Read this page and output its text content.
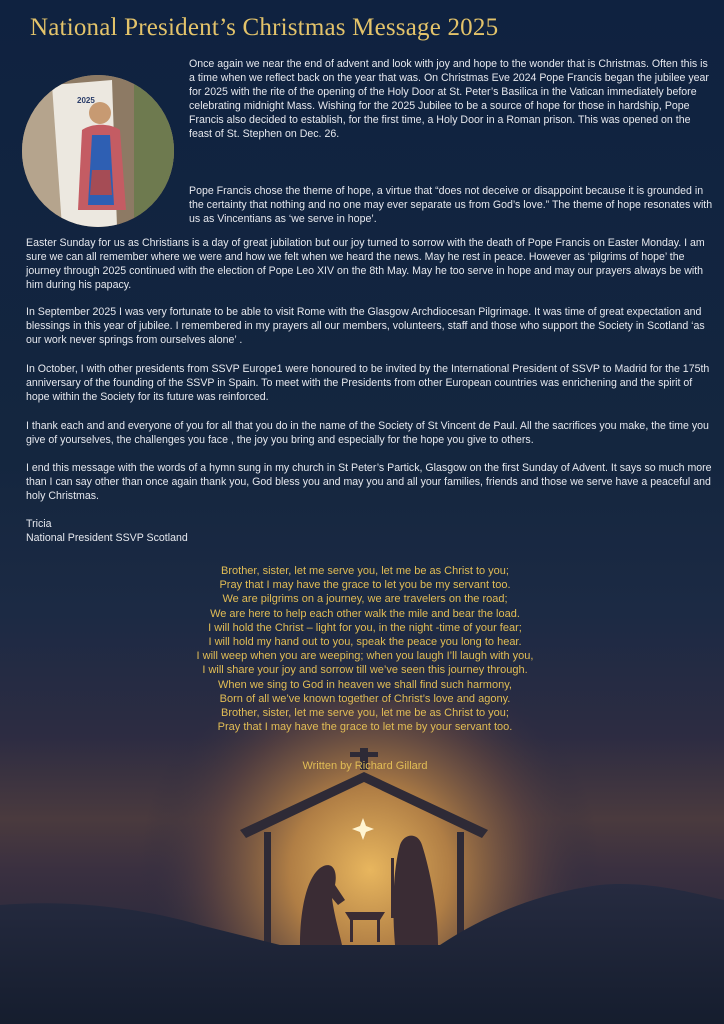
National President’s Christmas Message 2025
2025

Once again we near the end of advent and look with joy and hope to the wonder that is Christmas. Often this is a time when we reflect back on the year that was. On Christmas Eve 2024 Pope Francis began the jubilee year for 2025 with the rite of the opening of the Holy Door at St. Peter’s Basilica in the Vatican immediately before celebrating midnight Mass. Wishing for the 2025 Jubilee to be a source of hope for those in hardship, Pope Francis also decided to establish, for the first time, a Holy Door in a Roman prison. This was opened on the feast of St. Stephen on Dec. 26.

Pope Francis chose the theme of hope, a virtue that “does not deceive or disappoint because it is grounded in the certainty that nothing and no one may ever separate us from God’s love.” The theme of hope resonates with us as Vincentians as ‘we serve in hope’.

Easter Sunday for us as Christians is a day of great jubilation but our joy turned to sorrow with the death of Pope Francis on Easter Monday. I am sure we can all remember where we were and how we felt when we heard the news. May he rest in peace. However as ‘pilgrims of hope’ the journey through 2025 continued with the election of Pope Leo XIV on the 8th May. May he too serve in hope and may our prayers always be with him during his papacy.

In September 2025 I was very fortunate to be able to visit Rome with the Glasgow Archdiocesan Pilgrimage. It was time of great expectation and blessings in this year of jubilee. I remembered in my prayers all our members, volunteers, staff and those who support the Society in Scotland ‘as our work never springs from ourselves alone’ .

In October, I with other presidents from SSVP Europe1 were honoured to be invited by the International President of SSVP to Madrid for the 175th anniversary of the founding of the SSVP in Spain. To meet with the Presidents from other European countries was enrichening and the spirit of hope within the Society for its future was reinforced.

I thank each and and everyone of you for all that you do in the name of the Society of St Vincent de Paul. All the sacrifices you make, the time you give of yourselves, the challenges you face , the joy you bring and especially for the hope you give to others.

I end this message with the words of a hymn sung in my church in St Peter’s Partick, Glasgow on the first Sunday of Advent. It says so much more than I can say other than once again thank you, God bless you and may you and all your families, friends and those we serve have a peaceful and holy Christmas.

Tricia
National President SSVP Scotland
Brother, sister, let me serve you, let me be as Christ to you;
Pray that I may have the grace to let you be my servant too.
We are pilgrims on a journey, we are travelers on the road;
We are here to help each other walk the mile and bear the load.
I will hold the Christ – light for you, in the night -time of your fear;
I will hold my hand out to you, speak the peace you long to hear.
I will weep when you are weeping; when you laugh I’ll laugh with you,
I will share your joy and sorrow till we’ve seen this journey through.
When we sing to God in heaven we shall find such harmony,
Born of all we’ve known together of Christ’s love and agony.
Brother, sister, let me serve you, let me be as Christ to you;
Pray that I may have the grace to let me by your servant too.
Written by Richard Gillard
